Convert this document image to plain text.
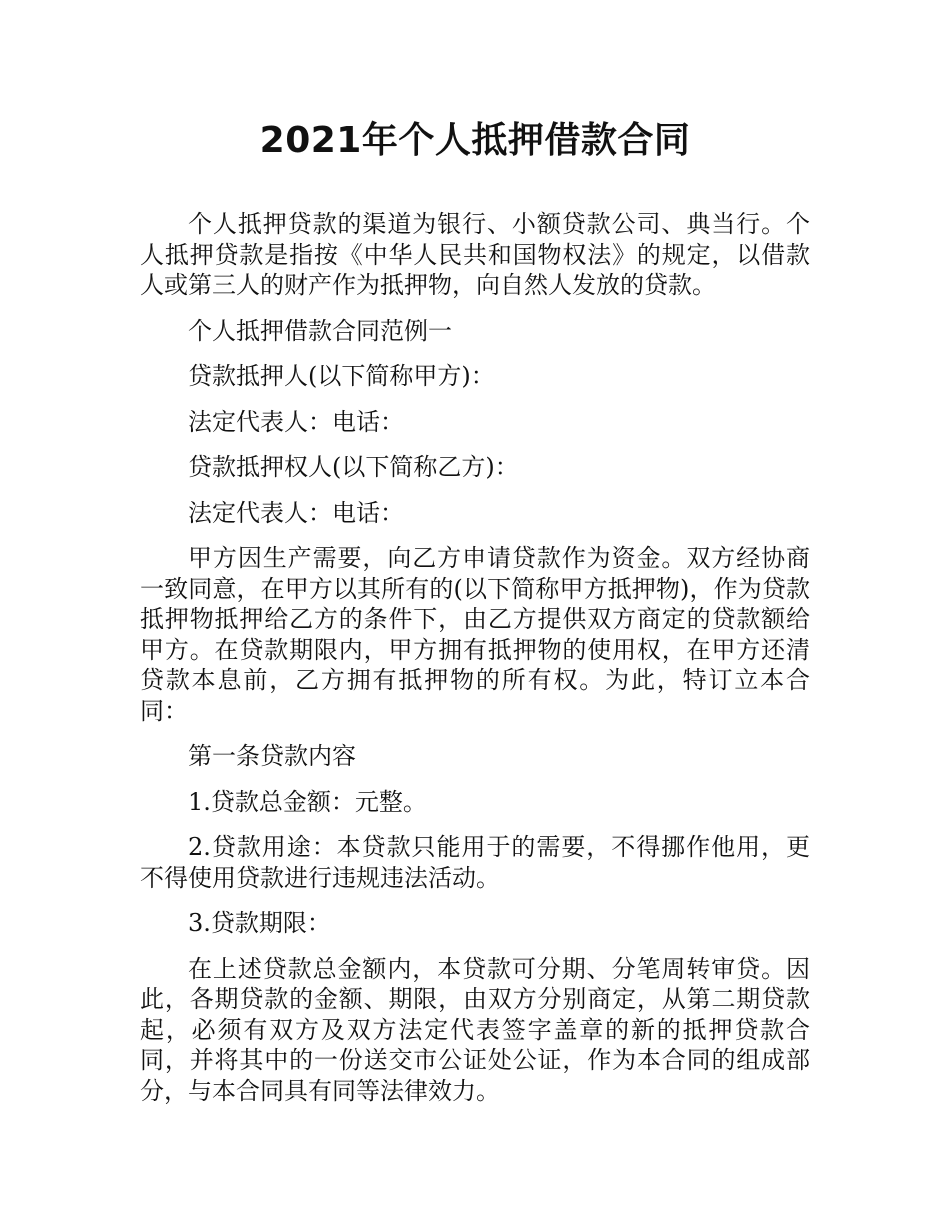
2021年个人抵押借款合同

个人抵押贷款的渠道为银行、小额贷款公司、典当行。个人抵押贷款是指按《中华人民共和国物权法》的规定，以借款人或第三人的财产作为抵押物，向自然人发放的贷款。

个人抵押借款合同范例一

贷款抵押人(以下简称甲方)：

法定代表人：电话：

贷款抵押权人(以下简称乙方)：

法定代表人：电话：

甲方因生产需要，向乙方申请贷款作为资金。双方经协商一致同意，在甲方以其所有的(以下简称甲方抵押物)，作为贷款抵押物抵押给乙方的条件下，由乙方提供双方商定的贷款额给甲方。在贷款期限内，甲方拥有抵押物的使用权，在甲方还清贷款本息前，乙方拥有抵押物的所有权。为此，特订立本合同：

第一条贷款内容

1.贷款总金额：元整。

2.贷款用途：本贷款只能用于的需要，不得挪作他用，更不得使用贷款进行违规违法活动。

3.贷款期限：

在上述贷款总金额内，本贷款可分期、分笔周转审贷。因此，各期贷款的金额、期限，由双方分别商定，从第二期贷款起，必须有双方及双方法定代表签字盖章的新的抵押贷款合同，并将其中的一份送交市公证处公证，作为本合同的组成部分，与本合同具有同等法律效力。
